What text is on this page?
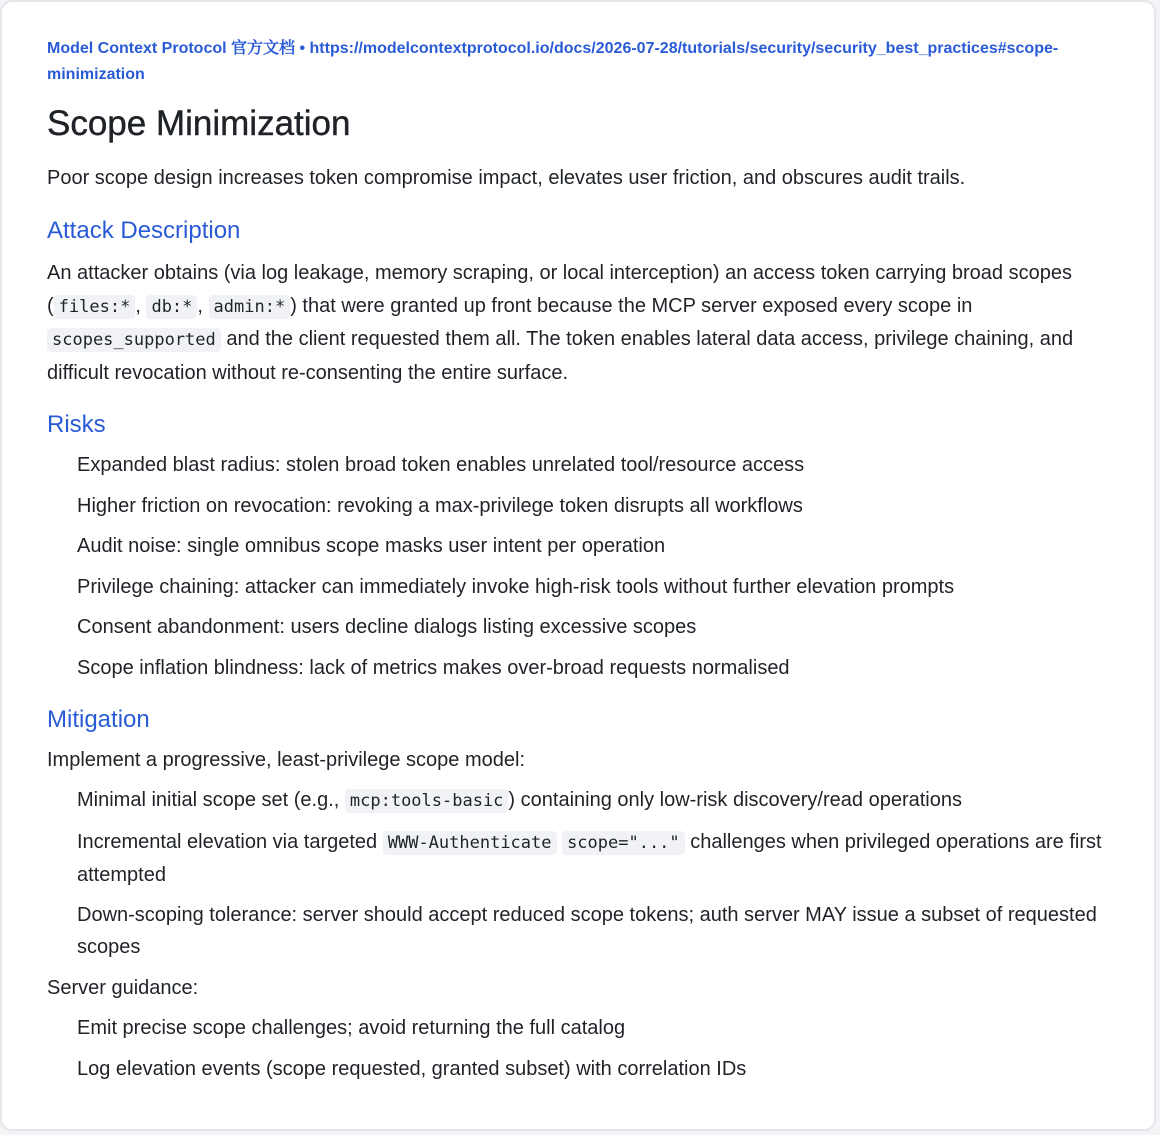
Model Context Protocol 官方文档 • https://modelcontextprotocol.io/docs/2026-07-28/tutorials/security/security_best_practices#scope-minimization
Scope Minimization

Poor scope design increases token compromise impact, elevates user friction, and obscures audit trails.

Attack Description

An attacker obtains (via log leakage, memory scraping, or local interception) an access token carrying broad scopes ( files:* , db:* , admin:* ) that were granted up front because the MCP server exposed every scope in scopes_supported and the client requested them all. The token enables lateral data access, privilege chaining, and difficult revocation without re-consenting the entire surface.

Risks
Expanded blast radius: stolen broad token enables unrelated tool/resource access
Higher friction on revocation: revoking a max-privilege token disrupts all workflows
Audit noise: single omnibus scope masks user intent per operation
Privilege chaining: attacker can immediately invoke high-risk tools without further elevation prompts
Consent abandonment: users decline dialogs listing excessive scopes
Scope inflation blindness: lack of metrics makes over-broad requests normalised
Mitigation

Implement a progressive, least-privilege scope model:

Minimal initial scope set (e.g., mcp:tools-basic ) containing only low-risk discovery/read operations
Incremental elevation via targeted WWW-Authenticate scope="..." challenges when privileged operations are first attempted
Down-scoping tolerance: server should accept reduced scope tokens; auth server MAY issue a subset of requested scopes

Server guidance:

Emit precise scope challenges; avoid returning the full catalog
Log elevation events (scope requested, granted subset) with correlation IDs
